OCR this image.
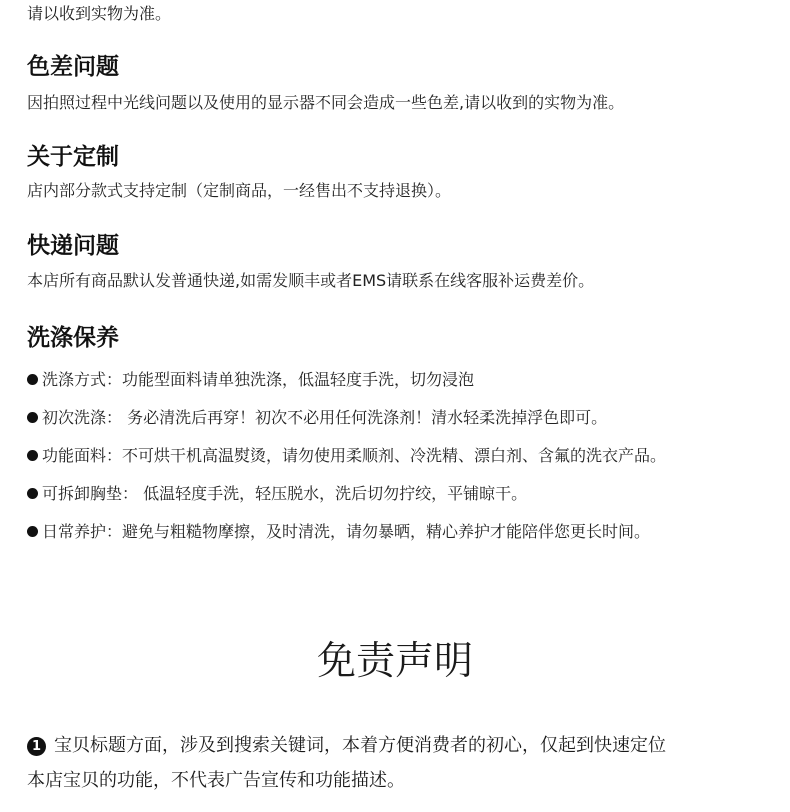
请以收到实物为准。
色差问题
因拍照过程中光线问题以及使用的显示器不同会造成一些色差,请以收到的实物为准。
关于定制
店内部分款式支持定制（定制商品，一经售出不支持退换）。
快递问题
本店所有商品默认发普通快递,如需发顺丰或者EMS请联系在线客服补运费差价。
洗涤保养
洗涤方式：功能型面料请单独洗涤，低温轻度手洗，切勿浸泡
初次洗涤： 务必清洗后再穿！初次不必用任何洗涤剂！清水轻柔洗掉浮色即可。
功能面料：不可烘干机高温熨烫，请勿使用柔顺剂、冷洗精、漂白剂、含氟的洗衣产品。
可拆卸胸垫： 低温轻度手洗，轻压脱水，洗后切勿拧绞，平铺晾干。
日常养护：避免与粗糙物摩擦，及时清洗，请勿暴晒，精心养护才能陪伴您更长时间。
免责声明
1 宝贝标题方面，涉及到搜索关键词，本着方便消费者的初心，仅起到快速定位
本店宝贝的功能，不代表广告宣传和功能描述。
